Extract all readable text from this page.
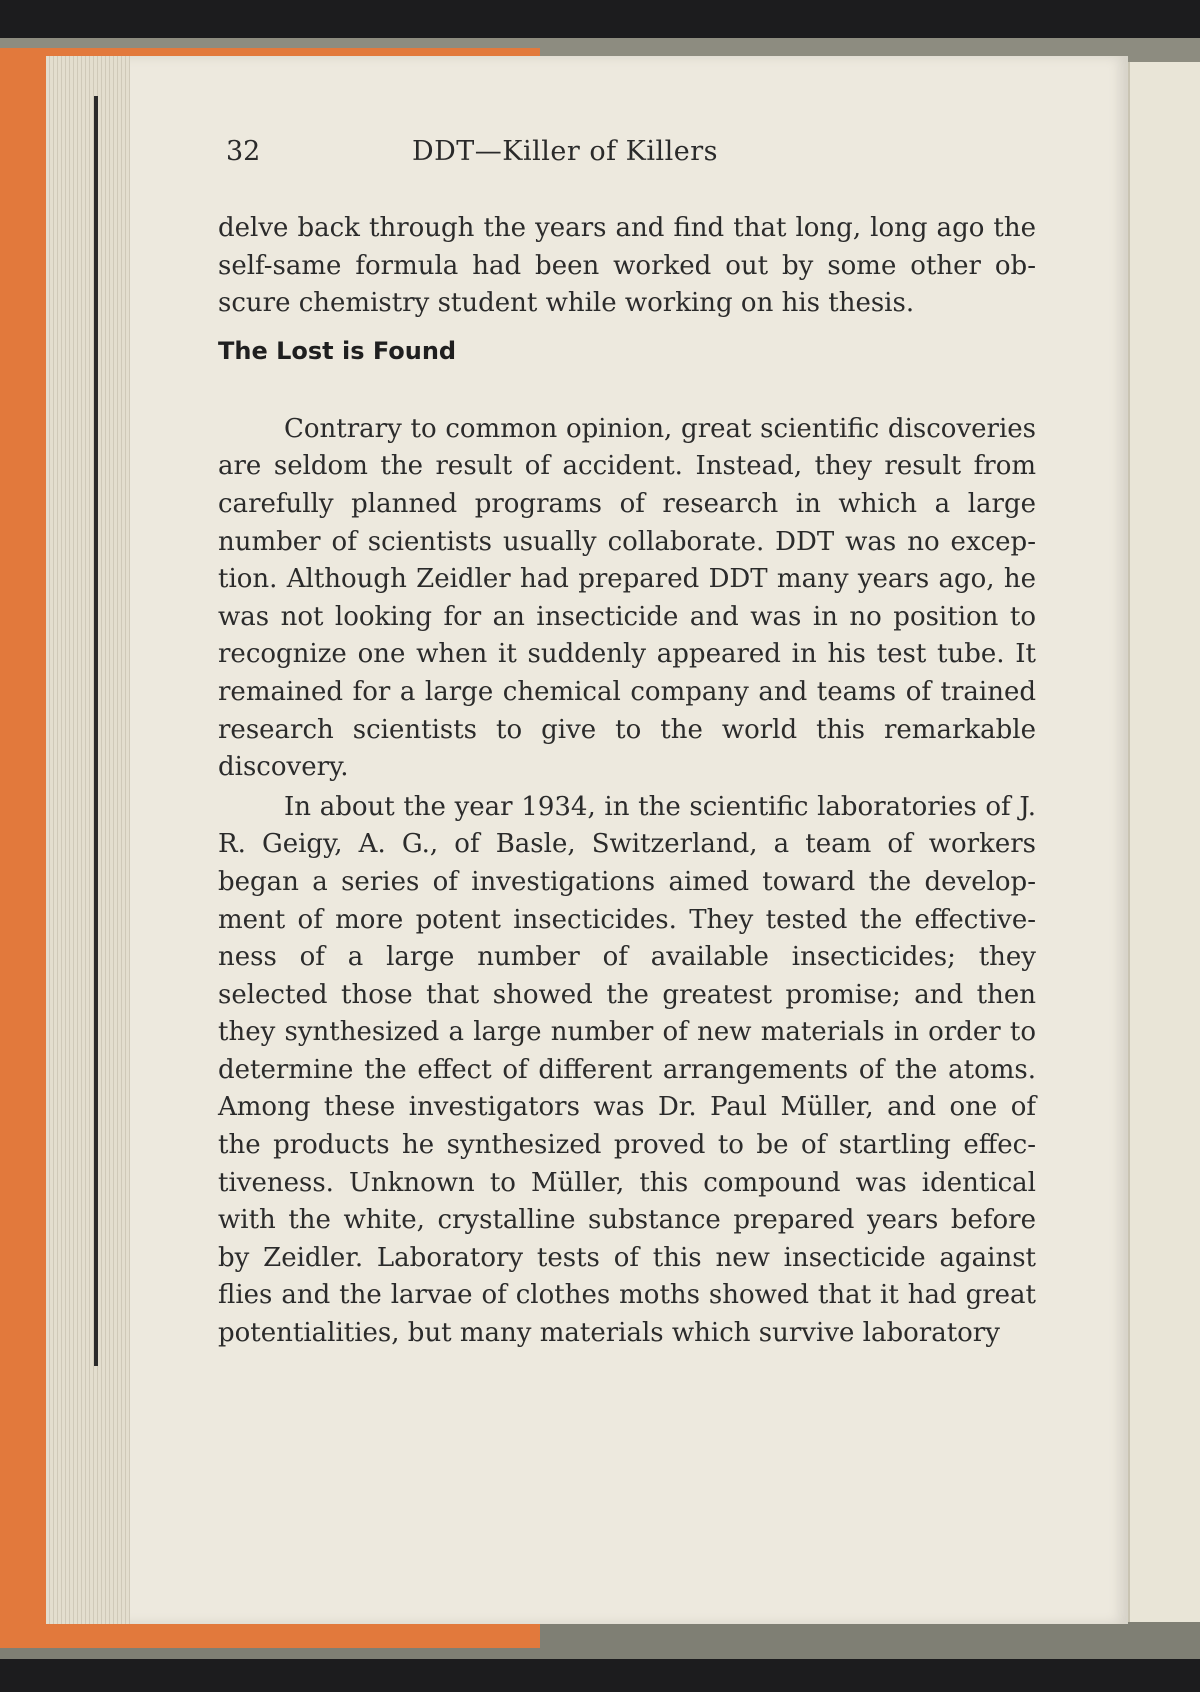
32	DDT—Killer of Killers

delve back through the years and find that long, long ago the self-same formula had been worked out by some other obscure chemistry student while working on his thesis.

The Lost is Found

Contrary to common opinion, great scientific discoveries are seldom the result of accident. Instead, they result from carefully planned programs of research in which a large number of scientists usually collaborate. DDT was no exception. Although Zeidler had prepared DDT many years ago, he was not looking for an insecticide and was in no position to recognize one when it suddenly appeared in his test tube. It remained for a large chemical company and teams of trained research scientists to give to the world this remarkable discovery.

In about the year 1934, in the scientific laboratories of J. R. Geigy, A. G., of Basle, Switzerland, a team of workers began a series of investigations aimed toward the development of more potent insecticides. They tested the effectiveness of a large number of available insecticides; they selected those that showed the greatest promise; and then they synthesized a large number of new materials in order to determine the effect of different arrangements of the atoms. Among these investigators was Dr. Paul Müller, and one of the products he synthesized proved to be of startling effectiveness. Unknown to Müller, this compound was identical with the white, crystalline substance prepared years before by Zeidler. Laboratory tests of this new insecticide against flies and the larvae of clothes moths showed that it had great potentialities, but many materials which survive laboratory
